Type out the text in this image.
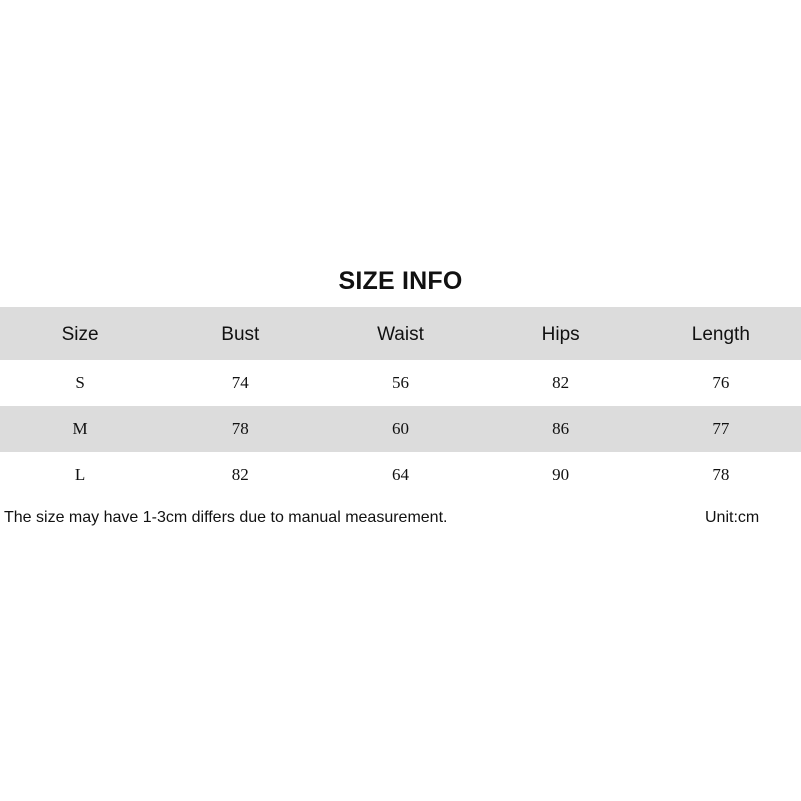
SIZE INFO
Size	Bust	Waist	Hips	Length
S	74	56	82	76
M	78	60	86	77
L	82	64	90	78
The size may have 1-3cm differs due to manual measurement.	Unit:cm
